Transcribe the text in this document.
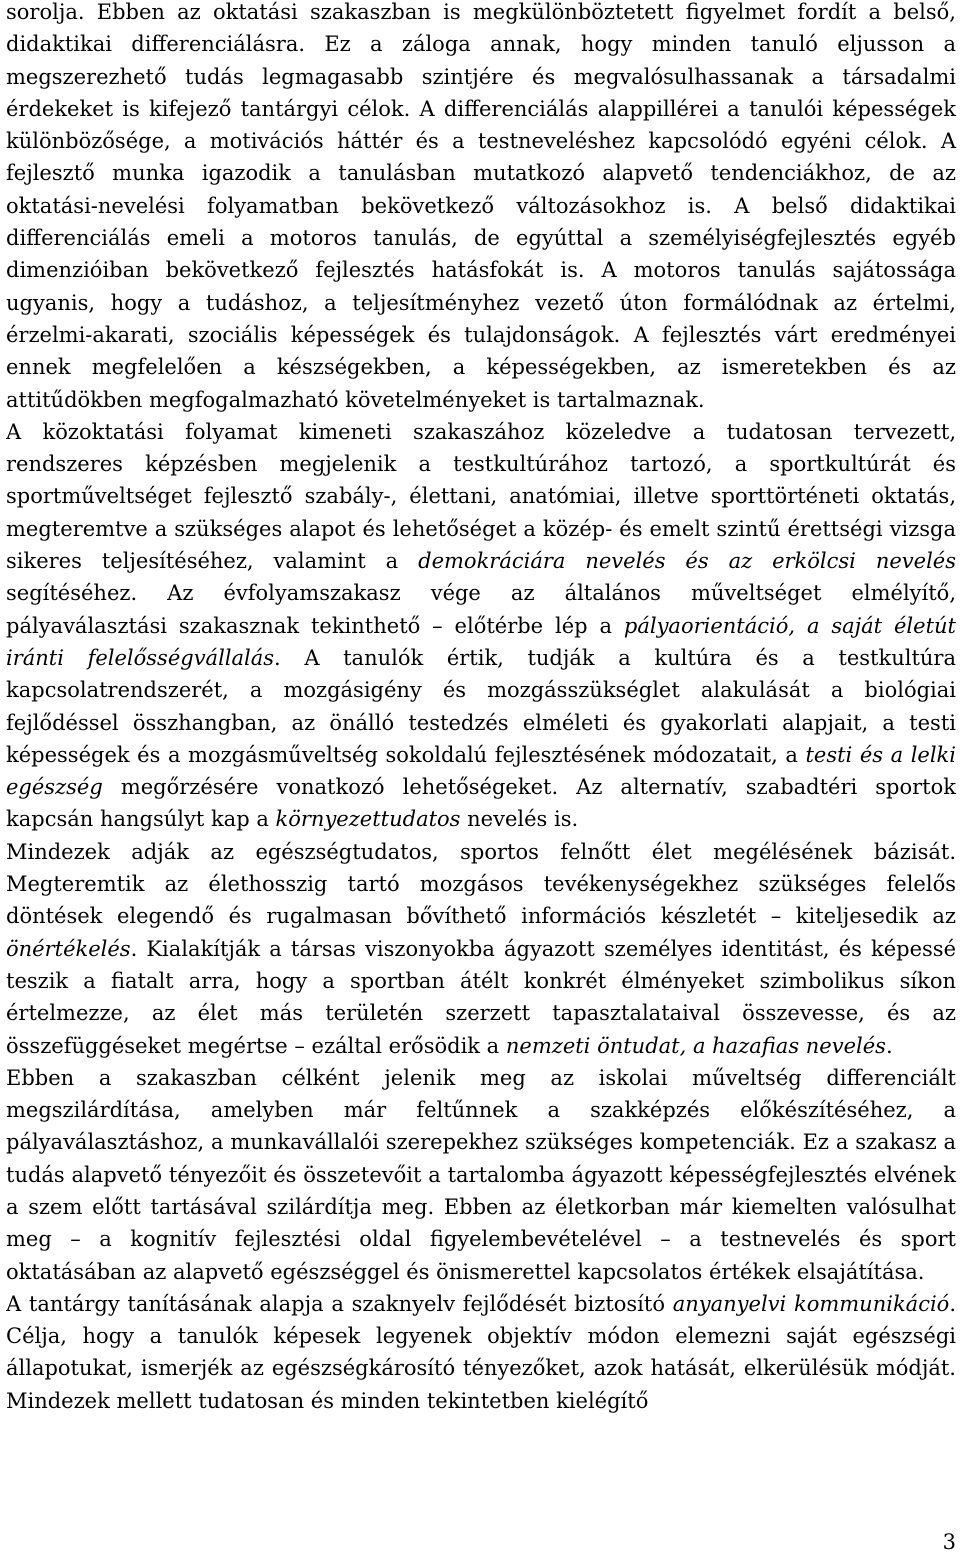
sorolja. Ebben az oktatási szakaszban is megkülönböztetett figyelmet fordít a belső, didaktikai differenciálásra. Ez a záloga annak, hogy minden tanuló eljusson a megszerezhető tudás legmagasabb szintjére és megvalósulhassanak a társadalmi érdekeket is kifejező tantárgyi célok. A differenciálás alappillérei a tanulói képességek különbözősége, a motivációs háttér és a testneveléshez kapcsolódó egyéni célok. A fejlesztő munka igazodik a tanulásban mutatkozó alapvető tendenciákhoz, de az oktatási-nevelési folyamatban bekövetkező változásokhoz is. A belső didaktikai differenciálás emeli a motoros tanulás, de egyúttal a személyiségfejlesztés egyéb dimenzióiban bekövetkező fejlesztés hatásfokát is. A motoros tanulás sajátossága ugyanis, hogy a tudáshoz, a teljesítményhez vezető úton formálódnak az értelmi, érzelmi-akarati, szociális képességek és tulajdonságok. A fejlesztés várt eredményei ennek megfelelően a készségekben, a képességekben, az ismeretekben és az attitűdökben megfogalmazható követelményeket is tartalmaznak.

A közoktatási folyamat kimeneti szakaszához közeledve a tudatosan tervezett, rendszeres képzésben megjelenik a testkultúrához tartozó, a sportkultúrát és sportműveltséget fejlesztő szabály-, élettani, anatómiai, illetve sporttörténeti oktatás, megteremtve a szükséges alapot és lehetőséget a közép- és emelt szintű érettségi vizsga sikeres teljesítéséhez, valamint a demokráciára nevelés és az erkölcsi nevelés segítéséhez. Az évfolyamszakasz vége az általános műveltséget elmélyítő, pályaválasztási szakasznak tekinthető – előtérbe lép a pályaorientáció, a saját életút iránti felelősségvállalás. A tanulók értik, tudják a kultúra és a testkultúra kapcsolatrendszerét, a mozgásigény és mozgásszükséglet alakulását a biológiai fejlődéssel összhangban, az önálló testedzés elméleti és gyakorlati alapjait, a testi képességek és a mozgásműveltség sokoldalú fejlesztésének módozatait, a testi és a lelki egészség megőrzésére vonatkozó lehetőségeket. Az alternatív, szabadtéri sportok kapcsán hangsúlyt kap a környezettudatos nevelés is.

Mindezek adják az egészségtudatos, sportos felnőtt élet megélésének bázisát. Megteremtik az élethosszig tartó mozgásos tevékenységekhez szükséges felelős döntések elegendő és rugalmasan bővíthető információs készletét – kiteljesedik az önértékelés. Kialakítják a társas viszonyokba ágyazott személyes identitást, és képessé teszik a fiatalt arra, hogy a sportban átélt konkrét élményeket szimbolikus síkon értelmezze, az élet más területén szerzett tapasztalataival összevesse, és az összefüggéseket megértse – ezáltal erősödik a nemzeti öntudat, a hazafias nevelés.

Ebben a szakaszban célként jelenik meg az iskolai műveltség differenciált megszilárdítása, amelyben már feltűnnek a szakképzés előkészítéséhez, a pályaválasztáshoz, a munkavállalói szerepekhez szükséges kompetenciák. Ez a szakasz a tudás alapvető tényezőit és összetevőit a tartalomba ágyazott képességfejlesztés elvének a szem előtt tartásával szilárdítja meg. Ebben az életkorban már kiemelten valósulhat meg – a kognitív fejlesztési oldal figyelembevételével – a testnevelés és sport oktatásában az alapvető egészséggel és önismerettel kapcsolatos értékek elsajátítása.

A tantárgy tanításának alapja a szaknyelv fejlődését biztosító anyanyelvi kommunikáció. Célja, hogy a tanulók képesek legyenek objektív módon elemezni saját egészségi állapotukat, ismerjék az egészségkárosító tényezőket, azok hatását, elkerülésük módját. Mindezek mellett tudatosan és minden tekintetben kielégítő

3
